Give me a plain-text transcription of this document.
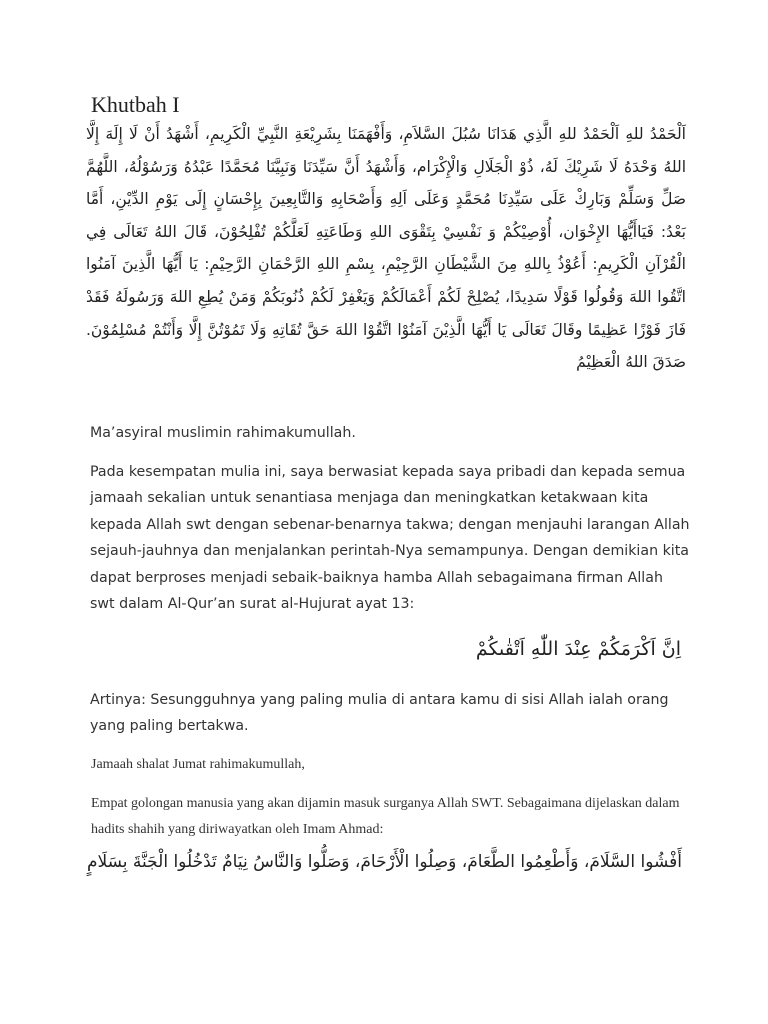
Khutbah I

اَلْحَمْدُ للهِ اَلْحَمْدُ للهِ الَّذِي هَدَانَا سُبُلَ السَّلاَمِ، وَأَفْهَمَنَا بِشَرِيْعَةِ النَّبِيِّ الْكَرِيمِ، أَشْهَدُ أَنْ لَا إِلَهَ إِلَّا اللهُ وَحْدَهُ لَا شَرِيْكَ لَهُ، ذُوْ الْجَلَالِ وَالْإِكْرَام، وَأَشْهَدُ أَنَّ سَيِّدَنَا وَنَبِيَّنَا مُحَمَّدًا عَبْدُهُ وَرَسُوْلُهُ، اللَّهُمَّ صَلِّ وَسَلِّمْ وَبَارِكْ عَلَى سَيِّدِنَا مُحَمَّدٍ وَعَلَى اَلِهِ وَأَصْحَابِهِ وَالتَّابِعِينَ بِإِحْسَانٍ إِلَى يَوْمِ الدِّيْنِ، أَمَّا بَعْدُ: فَيَاأَيُّهَا الإِخْوَان، أُوْصِيْكُمْ وَ نَفْسِيْ بِتَقْوَى اللهِ وَطَاعَتِهِ لَعَلَّكُمْ تُفْلِحُوْنَ، قَالَ اللهُ تَعَالَى فِي الْقُرْآنِ الْكَرِيمِ: أَعُوْذُ بِاللهِ مِنَ الشَّيْطَانِ الرَّجِيْمِ، بِسْمِ اللهِ الرَّحْمَانِ الرَّحِيْمِ: يَا أَيُّهَا الَّذِينَ آمَنُوا اتَّقُوا اللهَ وَقُولُوا قَوْلًا سَدِيدًا، يُصْلِحْ لَكُمْ أَعْمَالَكُمْ وَيَغْفِرْ لَكُمْ ذُنُوبَكُمْ وَمَنْ يُطِعِ اللهَ وَرَسُولَهُ فَقَدْ فَازَ فَوْزًا عَظِيمًا وقَالَ تَعَالَى يَا أَيُّهَا الَّذِيْنَ آمَنُوْا اتَّقُوْا اللهَ حَقَّ تُقَاتِهِ وَلَا تَمُوْتُنَّ إِلَّا وَأَنْتُمْ مُسْلِمُوْنَ. صَدَقَ اللهُ الْعَظِيْمُ

Ma’asyiral muslimin rahimakumullah.

Pada kesempatan mulia ini, saya berwasiat kepada saya pribadi dan kepada semua jamaah sekalian untuk senantiasa menjaga dan meningkatkan ketakwaan kita kepada Allah swt dengan sebenar-benarnya takwa; dengan menjauhi larangan Allah sejauh-jauhnya dan menjalankan perintah-Nya semampunya. Dengan demikian kita dapat berproses menjadi sebaik-baiknya hamba Allah sebagaimana firman Allah swt dalam Al-Qur’an surat al-Hujurat ayat 13:

اِنَّ اَكْرَمَكُمْ عِنْدَ اللّٰهِ اَتْقٰىكُمْ

Artinya: Sesungguhnya yang paling mulia di antara kamu di sisi Allah ialah orang yang paling bertakwa.

Jamaah shalat Jumat rahimakumullah,

Empat golongan manusia yang akan dijamin masuk surganya Allah SWT. Sebagaimana dijelaskan dalam hadits shahih yang diriwayatkan oleh Imam Ahmad:

أَفْشُوا السَّلَامَ، وَأَطْعِمُوا الطَّعَامَ، وَصِلُوا الْأَرْحَامَ، وَصَلُّوا وَالنَّاسُ نِيَامٌ تَدْخُلُوا الْجَنَّةَ بِسَلَامٍ
